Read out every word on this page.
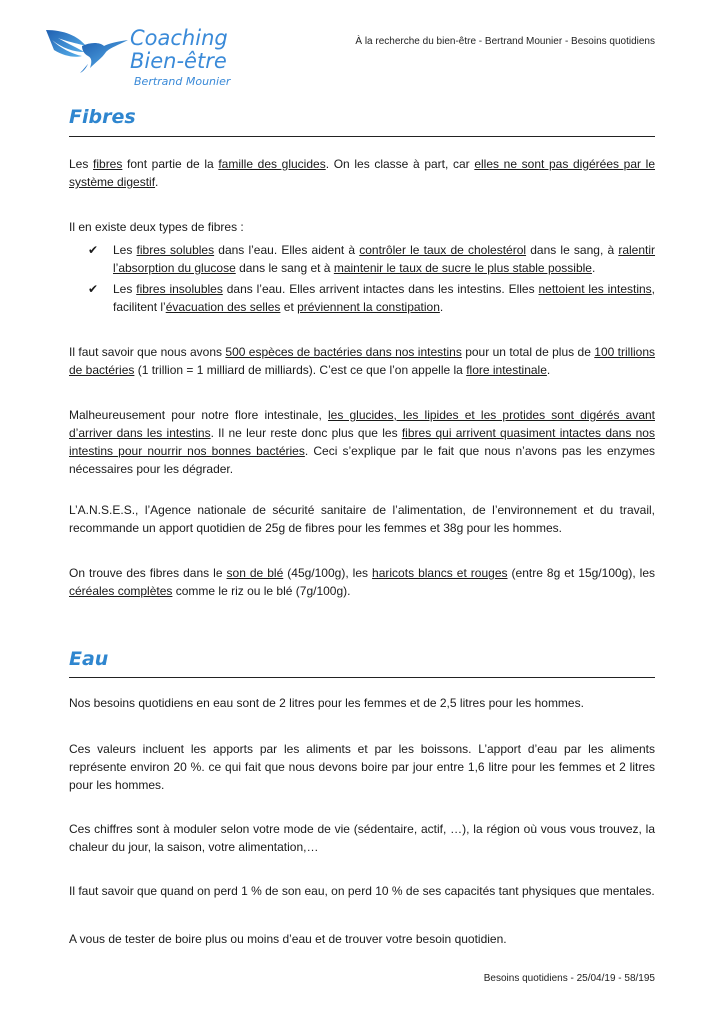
Coaching
Bien-être
Bertrand Mounier
À la recherche du bien-être - Bertrand Mounier - Besoins quotidiens
Fibres

Les fibres font partie de la famille des glucides. On les classe à part, car elles ne sont pas digérées par le système digestif.

Il en existe deux types de fibres :

✔ Les fibres solubles dans l’eau. Elles aident à contrôler le taux de cholestérol dans le sang, à ralentir l’absorption du glucose dans le sang et à maintenir le taux de sucre le plus stable possible.
✔ Les fibres insolubles dans l’eau. Elles arrivent intactes dans les intestins. Elles nettoient les intestins, facilitent l’évacuation des selles et préviennent la constipation.

Il faut savoir que nous avons 500 espèces de bactéries dans nos intestins pour un total de plus de 100 trillions de bactéries (1 trillion = 1 milliard de milliards). C’est ce que l’on appelle la flore intestinale.

Malheureusement pour notre flore intestinale, les glucides, les lipides et les protides sont digérés avant d’arriver dans les intestins. Il ne leur reste donc plus que les fibres qui arrivent quasiment intactes dans nos intestins pour nourrir nos bonnes bactéries. Ceci s’explique par le fait que nous n’avons pas les enzymes nécessaires pour les dégrader.

L’A.N.S.E.S., l’Agence nationale de sécurité sanitaire de l’alimentation, de l’environnement et du travail, recommande un apport quotidien de 25g de fibres pour les femmes et 38g pour les hommes.

On trouve des fibres dans le son de blé (45g/100g), les haricots blancs et rouges (entre 8g et 15g/100g), les céréales complètes comme le riz ou le blé (7g/100g).

Eau

Nos besoins quotidiens en eau sont de 2 litres pour les femmes et de 2,5 litres pour les hommes.

Ces valeurs incluent les apports par les aliments et par les boissons. L’apport d’eau par les aliments représente environ 20 %. ce qui fait que nous devons boire par jour entre 1,6 litre pour les femmes et 2 litres pour les hommes.

Ces chiffres sont à moduler selon votre mode de vie (sédentaire, actif, …), la région où vous vous trouvez, la chaleur du jour, la saison, votre alimentation,…

Il faut savoir que quand on perd 1 % de son eau, on perd 10 % de ses capacités tant physiques que mentales.

A vous de tester de boire plus ou moins d’eau et de trouver votre besoin quotidien.

Besoins quotidiens - 25/04/19 - 58/195
